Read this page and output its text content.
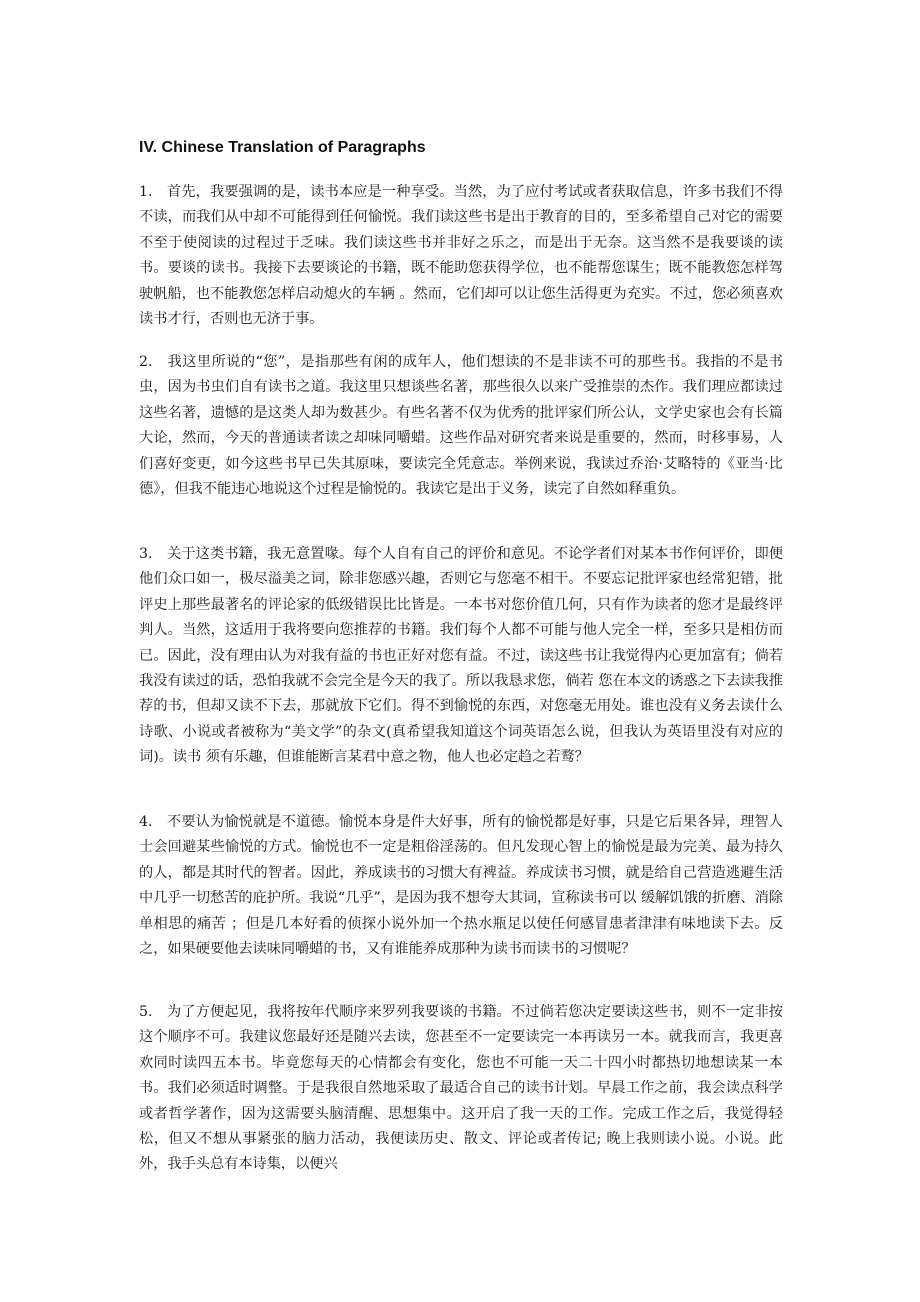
IV. Chinese Translation of Paragraphs

1.　首先，我要强调的是，读书本应是一种享受。当然，为了应付考试或者获取信息，许多书我们不得不读，而我们从中却不可能得到任何愉悦。我们读这些书是出于教育的目的，至多希望自己对它的需要不至于使阅读的过程过于乏味。我们读这些书并非好之乐之，而是出于无奈。这当然不是我要谈的读书。要谈的读书。我接下去要谈论的书籍，既不能助您获得学位，也不能帮您谋生；既不能教您怎样驾驶帆船，也不能教您怎样启动熄火的车辆 。然而，它们却可以让您生活得更为充实。不过，您必须喜欢读书才行，否则也无济于事。

2.　我这里所说的“您”，是指那些有闲的成年人，他们想读的不是非读不可的那些书。我指的不是书虫，因为书虫们自有读书之道。我这里只想谈些名著，那些很久以来广受推崇的杰作。我们理应都读过这些名著，遗憾的是这类人却为数甚少。有些名著不仅为优秀的批评家们所公认，文学史家也会有长篇大论，然而，今天的普通读者读之却味同嚼蜡。这些作品对研究者来说是重要的，然而，时移事易，人们喜好变更，如今这些书早已失其原味，要读完全凭意志。举例来说，我读过乔治·艾略特的《亚当·比德》，但我不能违心地说这个过程是愉悦的。我读它是出于义务，读完了自然如释重负。

3.　关于这类书籍，我无意置喙。每个人自有自己的评价和意见。不论学者们对某本书作何评价，即便他们众口如一，极尽溢美之词，除非您感兴趣，否则它与您毫不相干。不要忘记批评家也经常犯错，批评史上那些最著名的评论家的低级错误比比皆是。一本书对您价值几何，只有作为读者的您才是最终评判人。当然，这适用于我将要向您推荐的书籍。我们每个人都不可能与他人完全一样，至多只是相仿而已。因此，没有理由认为对我有益的书也正好对您有益。不过，读这些书让我觉得内心更加富有；倘若我没有读过的话，恐怕我就不会完全是今天的我了。所以我恳求您，倘若 您在本文的诱惑之下去读我推荐的书，但却又读不下去，那就放下它们。得不到愉悦的东西，对您毫无用处。谁也没有义务去读什么诗歌、小说或者被称为“美文学”的杂文(真希望我知道这个词英语怎么说，但我认为英语里没有对应的词)。读书 须有乐趣，但谁能断言某君中意之物，他人也必定趋之若鹜？

4.　不要认为愉悦就是不道德。愉悦本身是件大好事，所有的愉悦都是好事，只是它后果各异，理智人士会回避某些愉悦的方式。愉悦也不一定是粗俗淫荡的。但凡发现心智上的愉悦是最为完美、最为持久的人，都是其时代的智者。因此，养成读书的习惯大有裨益。养成读书习惯，就是给自己营造逃避生活中几乎一切愁苦的庇护所。我说“几乎”，是因为我不想夸大其词，宣称读书可以 缓解饥饿的折磨、消除单相思的痛苦 ；但是几本好看的侦探小说外加一个热水瓶足以使任何感冒患者津津有味地读下去。反之，如果硬要他去读味同嚼蜡的书，又有谁能养成那种为读书而读书的习惯呢？

5.　为了方便起见，我将按年代顺序来罗列我要谈的书籍。不过倘若您决定要读这些书，则不一定非按这个顺序不可。我建议您最好还是随兴去读，您甚至不一定要读完一本再读另一本。就我而言，我更喜欢同时读四五本书。毕竟您每天的心情都会有变化，您也不可能一天二十四小时都热切地想读某一本书。我们必须适时调整。于是我很自然地采取了最适合自己的读书计划。早晨工作之前，我会读点科学或者哲学著作，因为这需要头脑清醒、思想集中。这开启了我一天的工作。完成工作之后，我觉得轻松，但又不想从事紧张的脑力活动，我便读历史、散文、评论或者传记; 晚上我则读小说。小说。此外，我手头总有本诗集，以便兴
